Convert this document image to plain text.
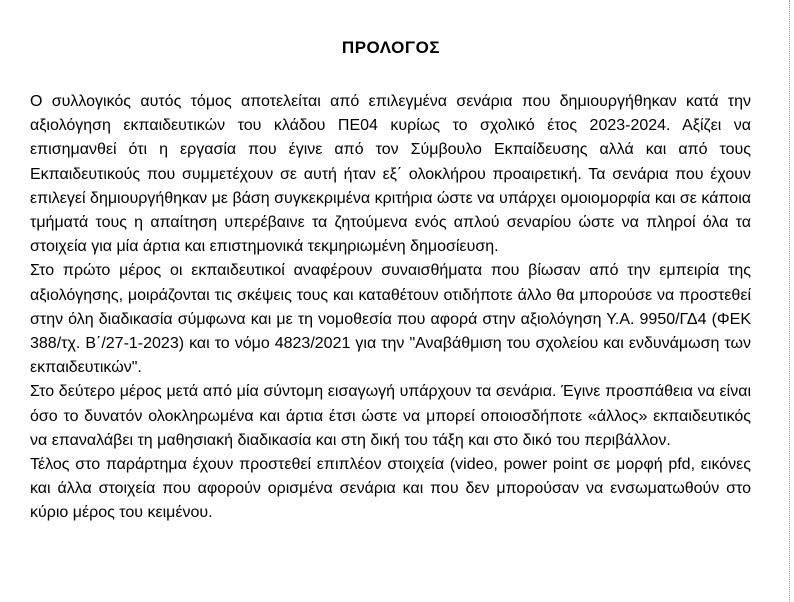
ΠΡΟΛΟΓΟΣ

Ο συλλογικός αυτός τόμος αποτελείται από επιλεγμένα σενάρια που δημιουργήθηκαν κατά την αξιολόγηση εκπαιδευτικών του κλάδου ΠΕ04 κυρίως το σχολικό έτος 2023-2024. Αξίζει να επισημανθεί ότι η εργασία που έγινε από τον Σύμβουλο Εκπαίδευσης αλλά και από τους Εκπαιδευτικούς που συμμετέχουν σε αυτή ήταν εξ΄ ολοκλήρου προαιρετική. Τα σενάρια που έχουν επιλεγεί δημιουργήθηκαν με βάση συγκεκριμένα κριτήρια ώστε να υπάρχει ομοιομορφία και σε κάποια τμήματά τους η απαίτηση υπερέβαινε τα ζητούμενα ενός απλού σεναρίου ώστε να πληροί όλα τα στοιχεία για μία άρτια και επιστημονικά τεκμηριωμένη δημοσίευση.

Στο πρώτο μέρος οι εκπαιδευτικοί αναφέρουν συναισθήματα που βίωσαν από την εμπειρία της αξιολόγησης, μοιράζονται τις σκέψεις τους και καταθέτουν οτιδήποτε άλλο θα μπορούσε να προστεθεί στην όλη διαδικασία σύμφωνα και με τη νομοθεσία που αφορά στην αξιολόγηση Υ.Α. 9950/ΓΔ4 (ΦΕΚ 388/τχ. Β΄/27-1-2023) και το νόμο 4823/2021 για την "Αναβάθμιση του σχολείου και ενδυνάμωση των εκπαιδευτικών".

Στο δεύτερο μέρος μετά από μία σύντομη εισαγωγή υπάρχουν τα σενάρια. Έγινε προσπάθεια να είναι όσο το δυνατόν ολοκληρωμένα και άρτια έτσι ώστε να μπορεί οποιοσδήποτε «άλλος» εκπαιδευτικός να επαναλάβει τη μαθησιακή διαδικασία και στη δική του τάξη και στο δικό του περιβάλλον.

Τέλος στο παράρτημα έχουν προστεθεί επιπλέον στοιχεία (video, power point σε μορφή pfd, εικόνες και άλλα στοιχεία που αφορούν ορισμένα σενάρια και που δεν μπορούσαν να ενσωματωθούν στο κύριο μέρος του κειμένου.
